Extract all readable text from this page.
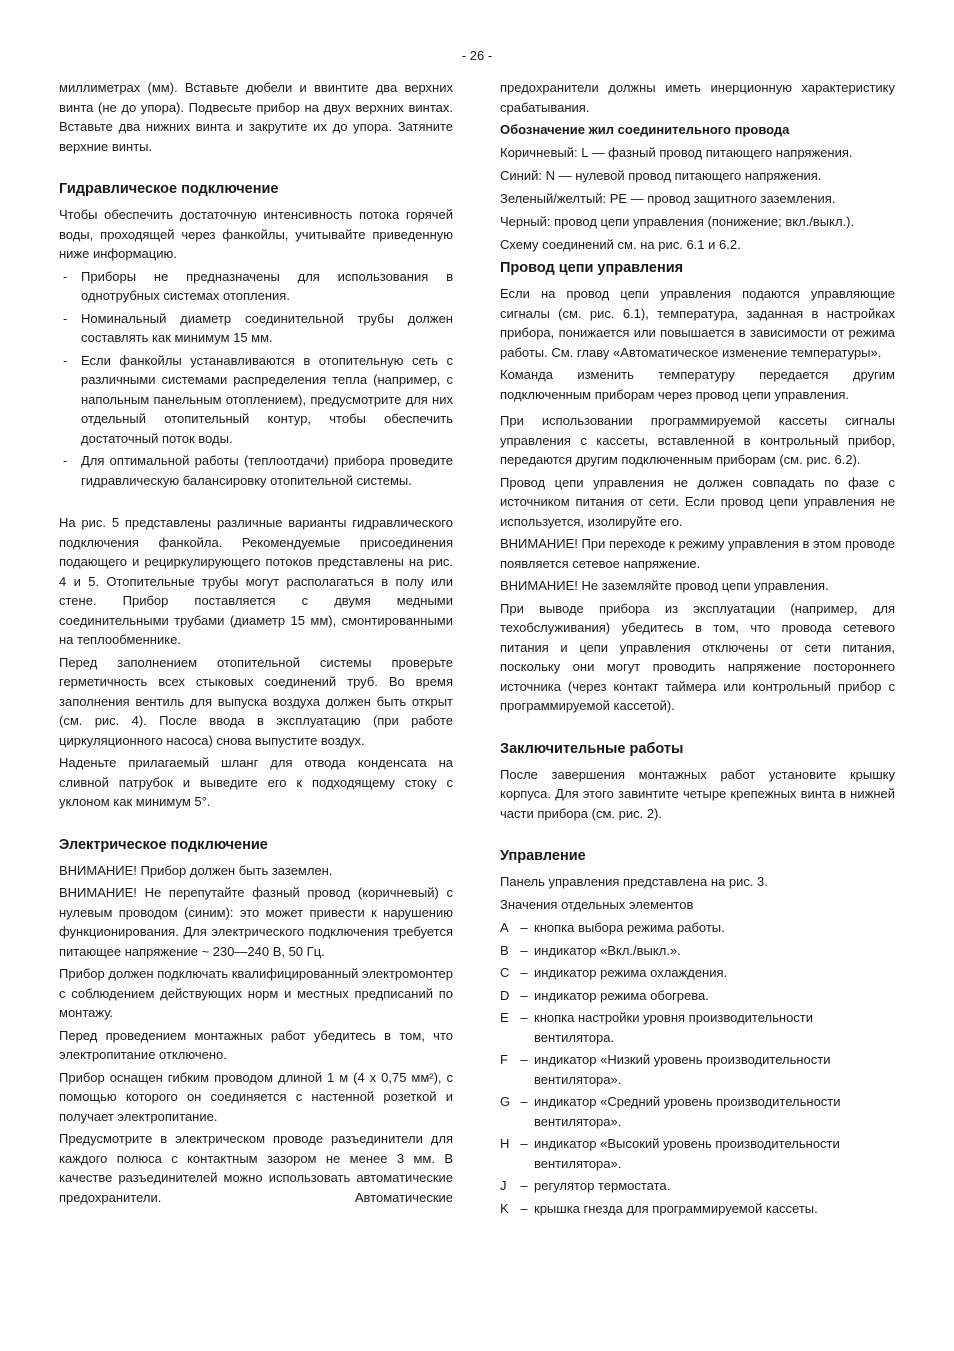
- 26 -

миллиметрах (мм). Вставьте дюбели и ввинтите два верхних винта (не до упора). Подвесьте прибор на двух верхних винтах. Вставьте два нижних винта и закрутите их до упора. Затяните верхние винты.

Гидравлическое подключение

Чтобы обеспечить достаточную интенсивность потока горячей воды, проходящей через фанкойлы, учитывайте приведенную ниже информацию.

- Приборы не предназначены для использования в однотрубных системах отопления.
- Номинальный диаметр соединительной трубы должен составлять как минимум 15 мм.
- Если фанкойлы устанавливаются в отопительную сеть с различными системами распределения тепла (например, с напольным панельным отоплением), предусмотрите для них отдельный отопительный контур, чтобы обеспечить достаточный поток воды.
- Для оптимальной работы (теплоотдачи) прибора проведите гидравлическую балансировку отопительной системы.

На рис. 5 представлены различные варианты гидравлического подключения фанкойла. Рекомендуемые присоединения подающего и рециркулирующего потоков представлены на рис. 4 и 5. Отопительные трубы могут располагаться в полу или стене. Прибор поставляется с двумя медными соединительными трубами (диаметр 15 мм), смонтированными на теплообменнике.

Перед заполнением отопительной системы проверьте герметичность всех стыковых соединений труб. Во время заполнения вентиль для выпуска воздуха должен быть открыт (см. рис. 4). После ввода в эксплуатацию (при работе циркуляционного насоса) снова выпустите воздух.

Наденьте прилагаемый шланг для отвода конденсата на сливной патрубок и выведите его к подходящему стоку с уклоном как минимум 5°.

Электрическое подключение

ВНИМАНИЕ! Прибор должен быть заземлен.

ВНИМАНИЕ! Не перепутайте фазный провод (коричневый) с нулевым проводом (синим): это может привести к нарушению функционирования. Для электрического подключения требуется питающее напряжение ~ 230—240 В, 50 Гц.

Прибор должен подключать квалифицированный электромонтер с соблюдением действующих норм и местных предписаний по монтажу.

Перед проведением монтажных работ убедитесь в том, что электропитание отключено.

Прибор оснащен гибким проводом длиной 1 м (4 x 0,75 мм²), с помощью которого он соединяется с настенной розеткой и получает электропитание.

Предусмотрите в электрическом проводе разъединители для каждого полюса с контактным зазором не менее 3 мм. В качестве разъединителей можно использовать автоматические предохранители. Автоматические

предохранители должны иметь инерционную характеристику срабатывания.

Обозначение жил соединительного провода
Коричневый: L — фазный провод питающего напряжения.
Синий: N — нулевой провод питающего напряжения.
Зеленый/желтый: PE — провод защитного заземления.
Черный: провод цепи управления (понижение; вкл./выкл.).
Схему соединений см. на рис. 6.1 и 6.2.
Провод цепи управления

Если на провод цепи управления подаются управляющие сигналы (см. рис. 6.1), температура, заданная в настройках прибора, понижается или повышается в зависимости от режима работы. См. главу «Автоматическое изменение температуры».

Команда изменить температуру передается другим подключенным приборам через провод цепи управления.

При использовании программируемой кассеты сигналы управления с кассеты, вставленной в контрольный прибор, передаются другим подключенным приборам (см. рис. 6.2).

Провод цепи управления не должен совпадать по фазе с источником питания от сети. Если провод цепи управления не используется, изолируйте его.

ВНИМАНИЕ! При переходе к режиму управления в этом проводе появляется сетевое напряжение.

ВНИМАНИЕ! Не заземляйте провод цепи управления.

При выводе прибора из эксплуатации (например, для техобслуживания) убедитесь в том, что провода сетевого питания и цепи управления отключены от сети питания, поскольку они могут проводить напряжение постороннего источника (через контакт таймера или контрольный прибор с программируемой кассетой).

Заключительные работы

После завершения монтажных работ установите крышку корпуса. Для этого завинтите четыре крепежных винта в нижней части прибора (см. рис. 2).

Управление
Панель управления представлена на рис. 3.
Значения отдельных элементов
A – кнопка выбора режима работы.
B – индикатор «Вкл./выкл.».
C – индикатор режима охлаждения.
D – индикатор режима обогрева.
E – кнопка настройки уровня производительности вентилятора.
F – индикатор «Низкий уровень производительности вентилятора».
G – индикатор «Средний уровень производительности вентилятора».
H – индикатор «Высокий уровень производительности вентилятора».
J	– регулятор термостата.
K – крышка гнезда для программируемой кассеты.
